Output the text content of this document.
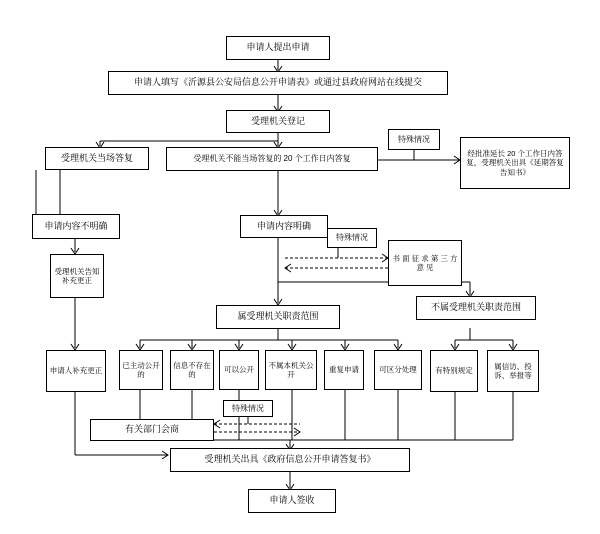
申请人提出申请
申请人填写《沂源县公安局信息公开申请表》或通过县政府网站在线提交
受理机关登记
受理机关当场答复	受理机关不能当场答复的 20 个工作日内答复
经批准延长 20 个工作日内答复，受理机关出具《延期答复告知书》
特殊情况
申请内容不明确	申请内容明确
特殊情况
书 面 征 求 第 三 方 意 见
受理机关告知补充更正
属受理机关职责范围
不属受理机关职责范围
申请人补充更正
已主动公开的
信息不存在的
可以公开
不属本机关公开
重复申请	可区分处理	有特别规定
属信访、投诉、举报等
特殊情况
有关部门会商
受理机关出具《政府信息公开申请答复书》
申请人签收
